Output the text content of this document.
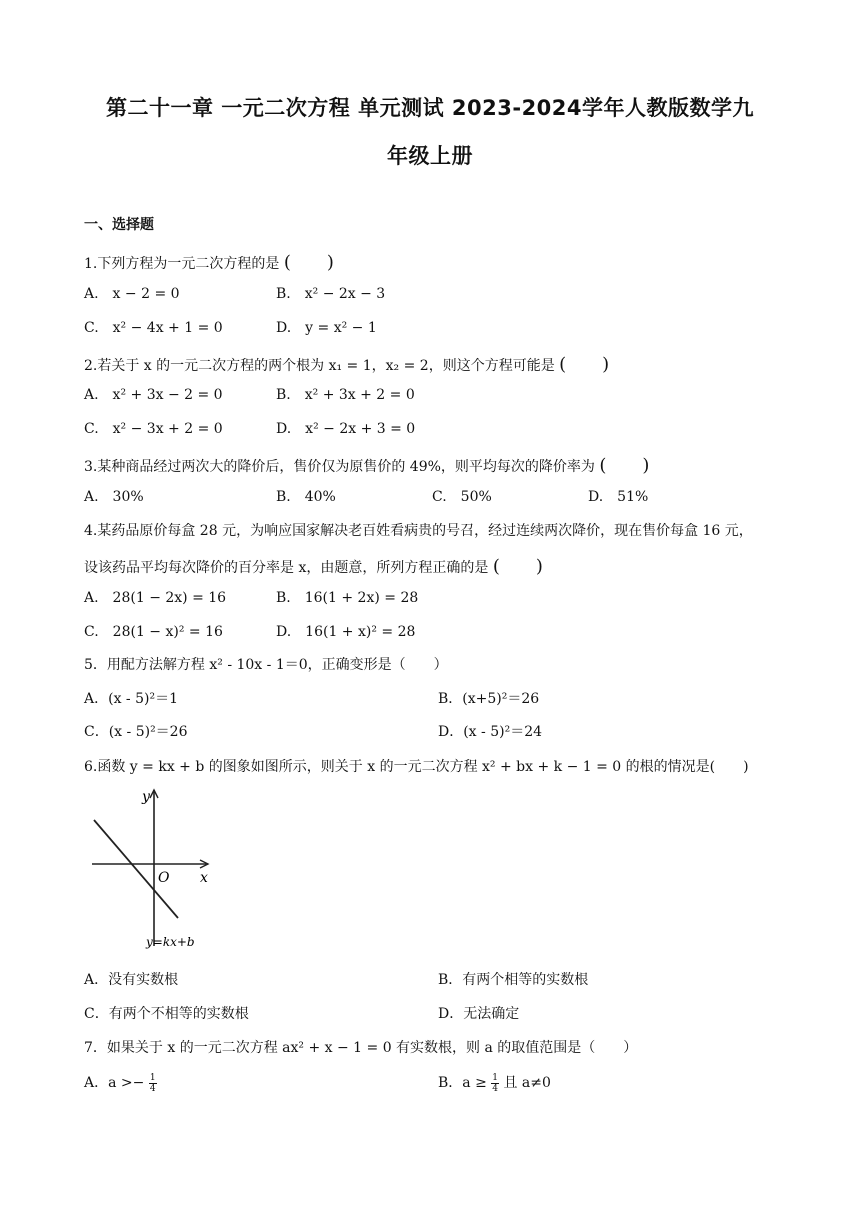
第二十一章 一元二次方程 单元测试 2023-2024学年人教版数学九
年级上册
一、选择题
1.下列方程为一元二次方程的是 (　　)
A.　x − 2 = 0	B.　x² − 2x − 3
C.　x² − 4x + 1 = 0	D.　y = x² − 1
2.若关于 x 的一元二次方程的两个根为 x₁ = 1，x₂ = 2，则这个方程可能是 (　　)
A.　x² + 3x − 2 = 0	B.　x² + 3x + 2 = 0
C.　x² − 3x + 2 = 0	D.　x² − 2x + 3 = 0
3.某种商品经过两次大的降价后，售价仅为原售价的 49%，则平均每次的降价率为 (　　)
A.　30%	B.　40%	C.　50%	D.　51%
4.某药品原价每盒 28 元，为响应国家解决老百姓看病贵的号召，经过连续两次降价，现在售价每盒 16 元，
设该药品平均每次降价的百分率是 x，由题意，所列方程正确的是 (　　)
A.　28(1 − 2x) = 16	B.　16(1 + 2x) = 28
C.　28(1 − x)² = 16	D.　16(1 + x)² = 28
5．用配方法解方程 x² - 10x - 1＝0，正确变形是（　　）
A．(x - 5)²＝1	B．(x+5)²＝26
C．(x - 5)²＝26	D．(x - 5)²＝24
6.函数 y = kx + b 的图象如图所示，则关于 x 的一元二次方程 x² + bx + k − 1 = 0 的根的情况是(　　)
y
x
O
y=kx+b
A．没有实数根	B．有两个相等的实数根
C．有两个不相等的实数根	D．无法确定
7．如果关于 x 的一元二次方程 ax² + x − 1 = 0 有实数根，则 a 的取值范围是（　　）
A．$a >- \frac{1}{4}$	B．$a \ge \frac{1}{4}$ 且 a≠0
